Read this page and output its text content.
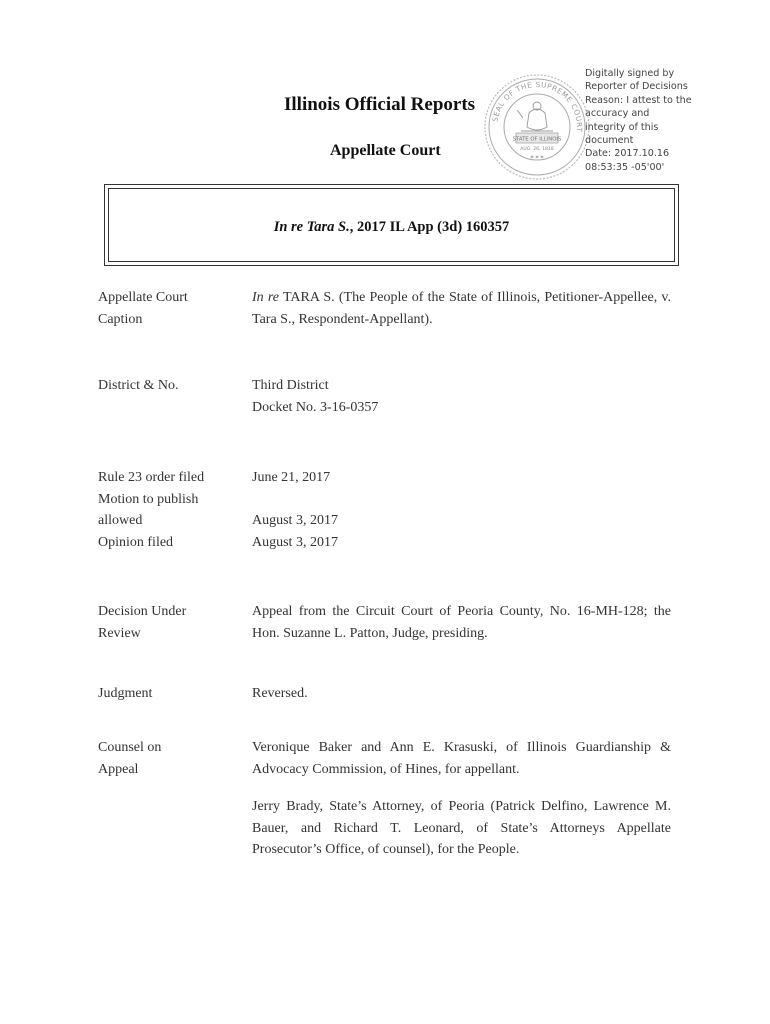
Illinois Official Reports
Appellate Court
SEAL OF THE SUPREME COURT
STATE OF ILLINOIS
AUG. 26, 1818
✶✶✶
Digitally signed by
Reporter of Decisions
Reason: I attest to the
accuracy and
integrity of this
document
Date: 2017.10.16
08:53:35 -05'00'
In re Tara S., 2017 IL App (3d) 160357
Appellate Court
Caption
In re TARA S. (The People of the State of Illinois, Petitioner-Appellee, v. Tara S., Respondent-Appellant).
District & No.	Third District
Docket No. 3-16-0357
Rule 23 order filed
Motion to publish
allowed
Opinion filed
June 21, 2017
August 3, 2017
August 3, 2017
Decision Under
Review
Appeal from the Circuit Court of Peoria County, No. 16-MH-128; the Hon. Suzanne L. Patton, Judge, presiding.
Judgment	Reversed.
Counsel on
Appeal
Veronique Baker and Ann E. Krasuski, of Illinois Guardianship & Advocacy Commission, of Hines, for appellant.
Jerry Brady, State’s Attorney, of Peoria (Patrick Delfino, Lawrence M. Bauer, and Richard T. Leonard, of State’s Attorneys Appellate Prosecutor’s Office, of counsel), for the People.
